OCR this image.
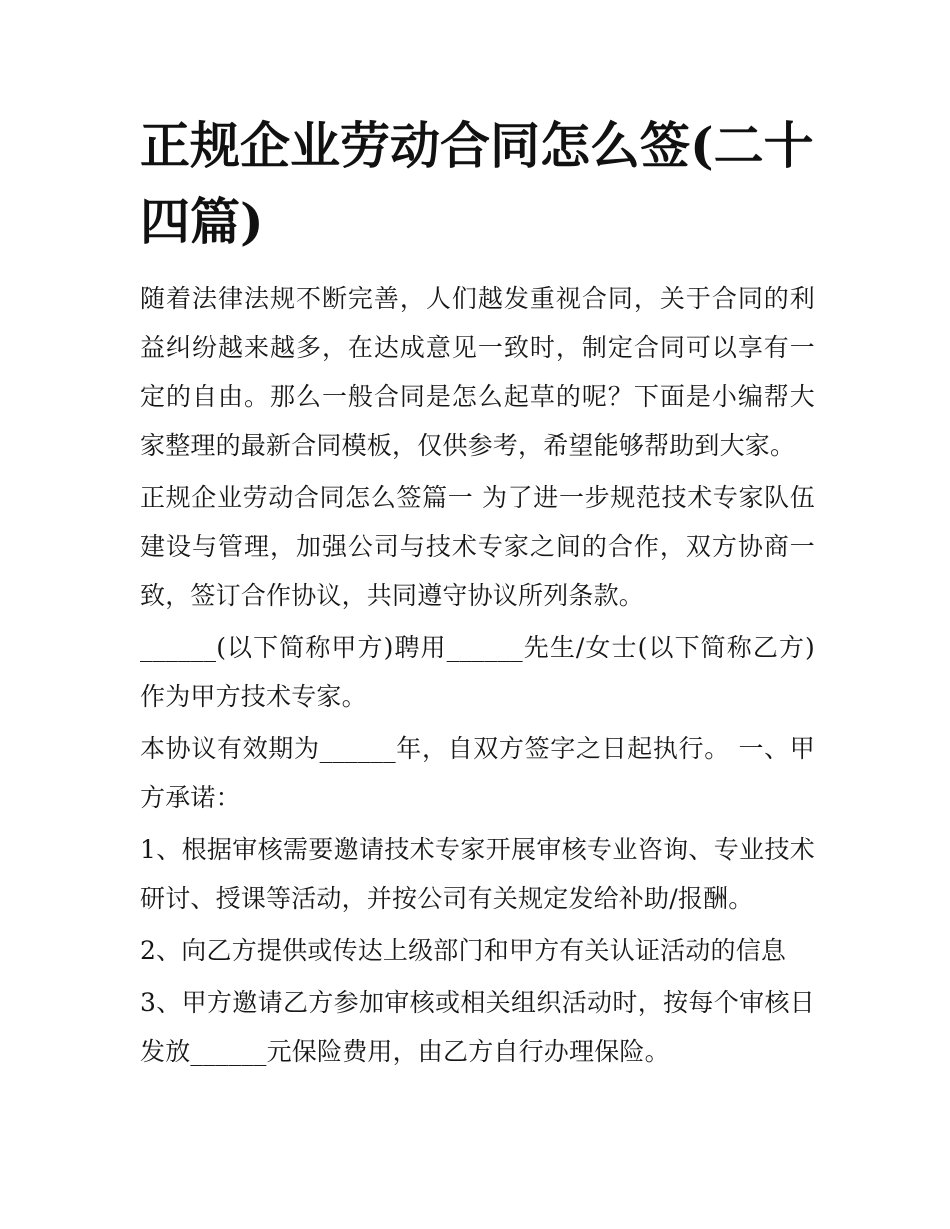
正规企业劳动合同怎么签(二十四篇)

随着法律法规不断完善，人们越发重视合同，关于合同的利益纠纷越来越多，在达成意见一致时，制定合同可以享有一定的自由。那么一般合同是怎么起草的呢？下面是小编帮大家整理的最新合同模板，仅供参考，希望能够帮助到大家。

正规企业劳动合同怎么签篇一 为了进一步规范技术专家队伍建设与管理，加强公司与技术专家之间的合作，双方协商一致，签订合作协议，共同遵守协议所列条款。

______(以下简称甲方)聘用______先生/女士(以下简称乙方)作为甲方技术专家。

本协议有效期为______年，自双方签字之日起执行。 一、甲方承诺：

1、根据审核需要邀请技术专家开展审核专业咨询、专业技术研讨、授课等活动，并按公司有关规定发给补助/报酬。

2、向乙方提供或传达上级部门和甲方有关认证活动的信息

3、甲方邀请乙方参加审核或相关组织活动时，按每个审核日发放______元保险费用，由乙方自行办理保险。
